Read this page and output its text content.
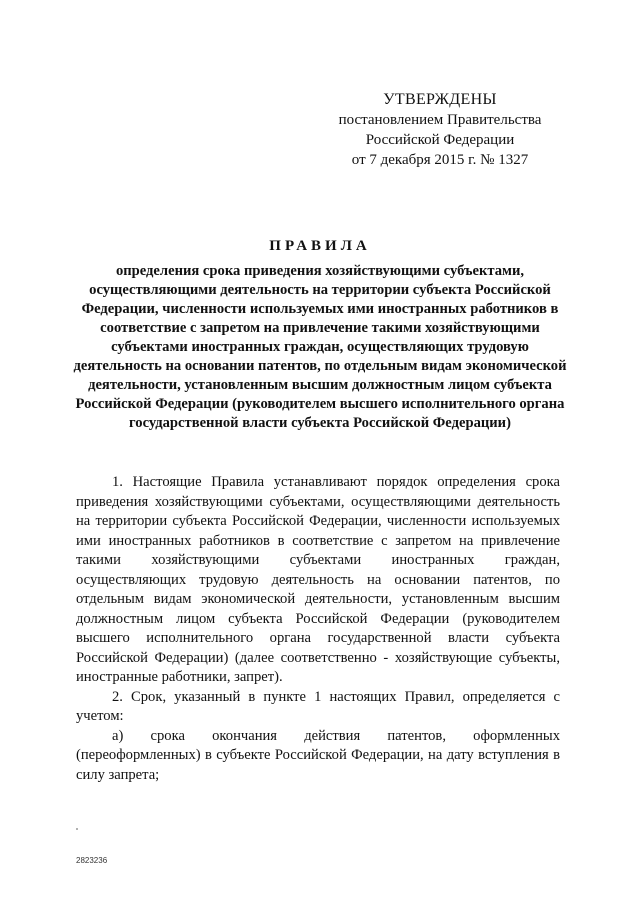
УТВЕРЖДЕНЫ
постановлением Правительства
Российской Федерации
от 7 декабря 2015 г. № 1327
ПРАВИЛА
определения срока приведения хозяйствующими субъектами, осуществляющими деятельность на территории субъекта Российской Федерации, численности используемых ими иностранных работников в соответствие с запретом на привлечение такими хозяйствующими субъектами иностранных граждан, осуществляющих трудовую деятельность на основании патентов, по отдельным видам экономической деятельности, установленным высшим должностным лицом субъекта Российской Федерации (руководителем высшего исполнительного органа государственной власти субъекта Российской Федерации)

1. Настоящие Правила устанавливают порядок определения срока приведения хозяйствующими субъектами, осуществляющими деятельность на территории субъекта Российской Федерации, численности используемых ими иностранных работников в соответствие с запретом на привлечение такими хозяйствующими субъектами иностранных граждан, осуществляющих трудовую деятельность на основании патентов, по отдельным видам экономической деятельности, установленным высшим должностным лицом субъекта Российской Федерации (руководителем высшего исполнительного органа государственной власти субъекта Российской Федерации) (далее соответственно - хозяйствующие субъекты, иностранные работники, запрет).

2. Срок, указанный в пункте 1 настоящих Правил, определяется с учетом:

а) срока окончания действия патентов, оформленных (переоформленных) в субъекте Российской Федерации, на дату вступления в силу запрета;

2823236
